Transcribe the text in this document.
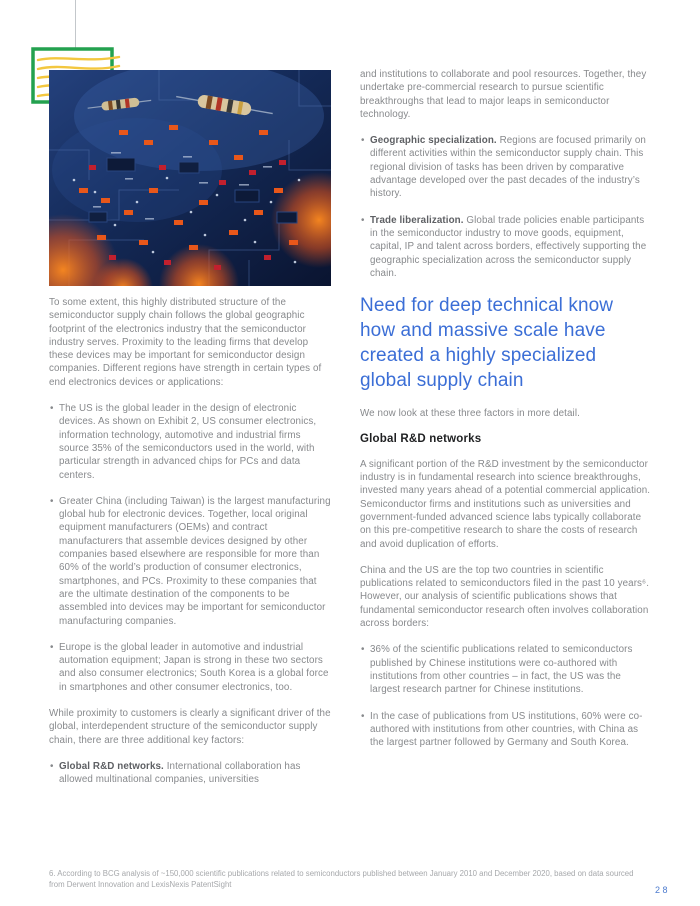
To some extent, this highly distributed structure of the semiconductor supply chain follows the global geographic footprint of the electronics industry that the semiconductor industry serves. Proximity to the leading firms that develop these devices may be important for semiconductor design companies. Different regions have strength in certain types of end electronics devices or applications:

• The US is the global leader in the design of electronic devices. As shown on Exhibit 2, US consumer electronics, information technology, automotive and industrial firms source 35% of the semiconductors used in the world, with particular strength in advanced chips for PCs and data centers.
• Greater China (including Taiwan) is the largest manufacturing global hub for electronic devices. Together, local original equipment manufacturers (OEMs) and contract manufacturers that assemble devices designed by other companies based elsewhere are responsible for more than 60% of the world’s production of consumer electronics, smartphones, and PCs. Proximity to these companies that are the ultimate destination of the components to be assembled into devices may be important for semiconductor manufacturing companies.
• Europe is the global leader in automotive and industrial automation equipment; Japan is strong in these two sectors and also consumer electronics; South Korea is a global force in smartphones and other consumer electronics, too.

While proximity to customers is clearly a significant driver of the global, interdependent structure of the semiconductor supply chain, there are three additional key factors:

• Global R&D networks. International collaboration has allowed multinational companies, universities

and institutions to collaborate and pool resources. Together, they undertake pre-commercial research to pursue scientific breakthroughs that lead to major leaps in semiconductor technology.

• Geographic specialization. Regions are focused primarily on different activities within the semiconductor supply chain. This regional division of tasks has been driven by comparative advantage developed over the past decades of the industry’s history.
• Trade liberalization. Global trade policies enable participants in the semiconductor industry to move goods, equipment, capital, IP and talent across borders, effectively supporting the geographic specialization across the semiconductor supply chain.
Need for deep technical know how and massive scale have created a highly specialized global supply chain

We now look at these three factors in more detail.

Global R&D networks

A significant portion of the R&D investment by the semiconductor industry is in fundamental research into science breakthroughs, invested many years ahead of a potential commercial application. Semiconductor firms and institutions such as universities and government-funded advanced science labs typically collaborate on this pre-competitive research to share the costs of research and avoid duplication of efforts.

China and the US are the top two countries in scientific publications related to semiconductors filed in the past 10 years⁶. However, our analysis of scientific publications shows that fundamental semiconductor research often involves collaboration across borders:

• 36% of the scientific publications related to semiconductors published by Chinese institutions were co-authored with institutions from other countries – in fact, the US was the largest research partner for Chinese institutions.
• In the case of publications from US institutions, 60% were co-authored with institutions from other countries, with China as the largest partner followed by Germany and South Korea.
6. According to BCG analysis of ~150,000 scientific publications related to semiconductors published between January 2010 and December 2020, based on data sourced from Derwent Innovation and LexisNexis PatentSight
28
